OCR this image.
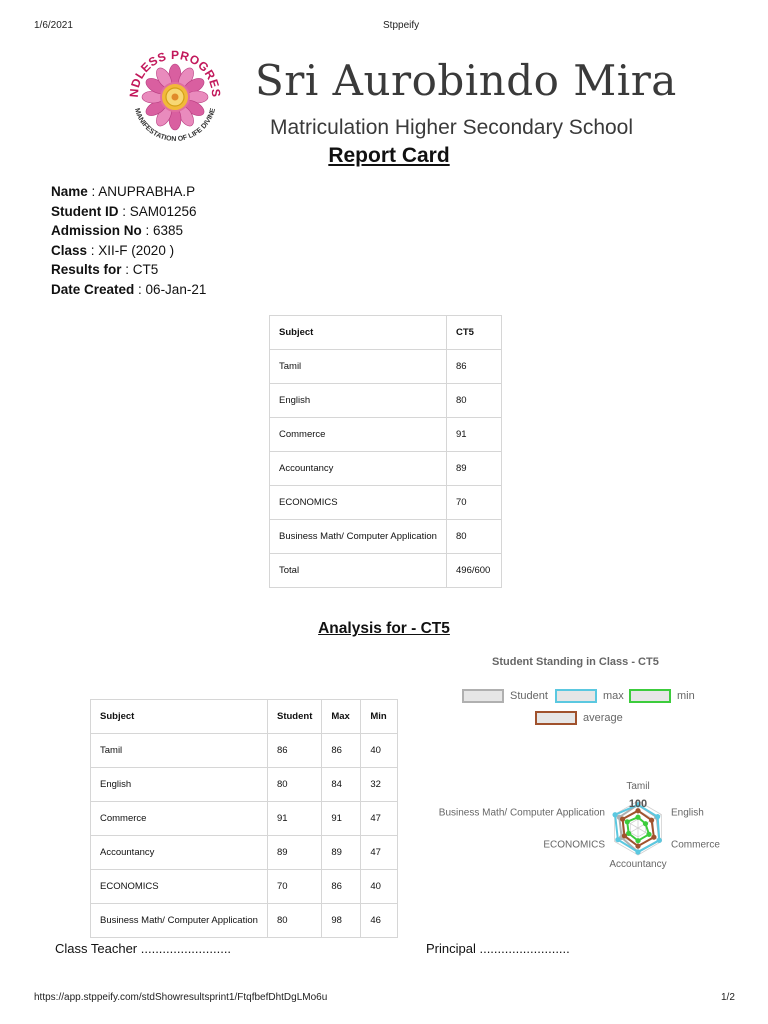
1/6/2021	Stppeify
NDLESS PROGRES
MANIFESTATION OF LIFE DIVINE
Sri Aurobindo Mira
Matriculation Higher Secondary School
Report Card
Name : ANUPRABHA.P
Student ID : SAM01256
Admission No : 6385
Class : XII-F (2020 )
Results for : CT5
Date Created : 06-Jan-21
Subject	CT5
Tamil	86
English	80
Commerce	91
Accountancy	89
ECONOMICS	70
Business Math/ Computer Application	80
Total	496/600
Analysis for - CT5
Subject	Student	Max	Min
Tamil	86	86	40
English	80	84	32
Commerce	91	91	47
Accountancy	89	89	47
ECONOMICS	70	86	40
Business Math/ Computer Application	80	98	46
Student Standing in Class - CT5
Student	max	min
average
100
Tamil
English
Commerce
Accountancy
ECONOMICS
Business Math/ Computer Application
Class Teacher .........................	Principal .........................
https://app.stppeify.com/stdShowresultsprint1/FtqfbefDhtDgLMo6u	1/2
